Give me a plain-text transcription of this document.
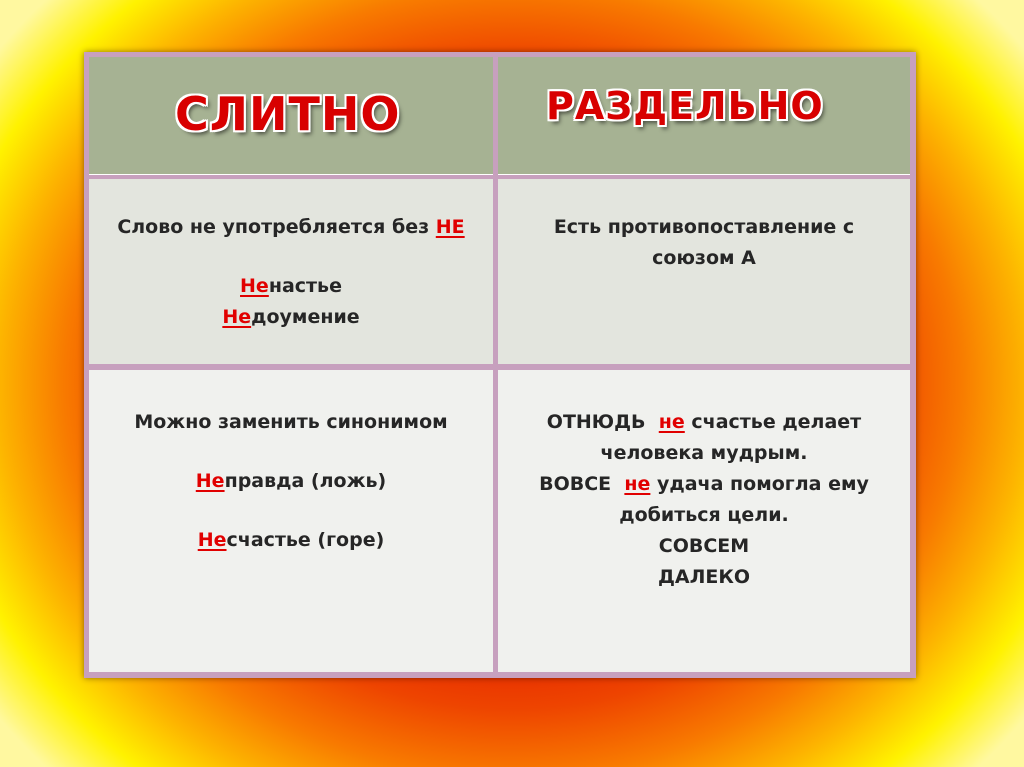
СЛИТНО	РАЗДЕЛЬНО
Слово не употребляется без НЕ
Ненастье
Недоумение
Есть противопоставление с
союзом А
Можно заменить синонимом
Неправда (ложь)
Несчастье (горе)
ОТНЮДЬ не счастье делает
человека мудрым.
ВОВСЕ не удача помогла ему
добиться цели.
СОВСЕМ
ДАЛЕКО
